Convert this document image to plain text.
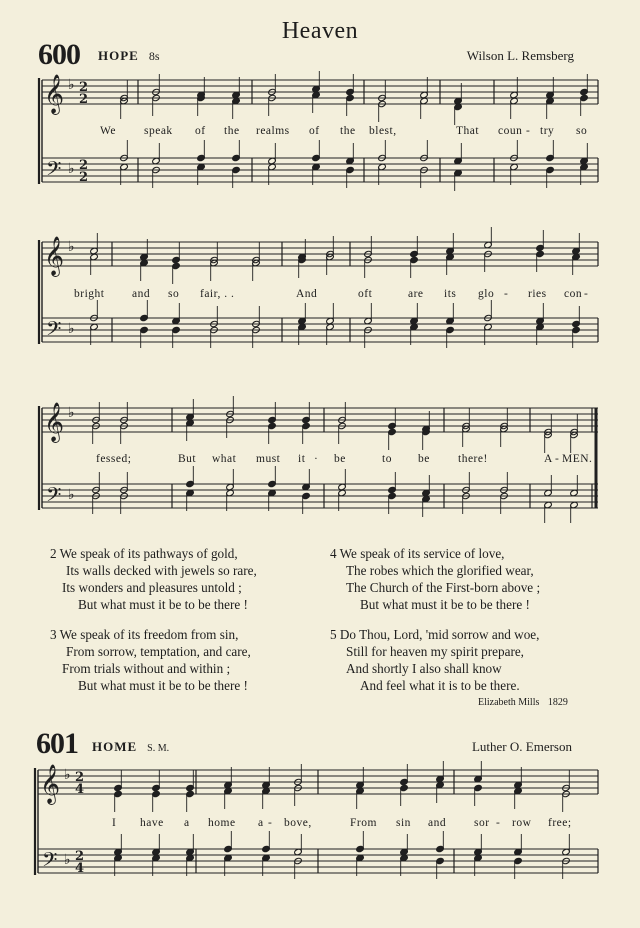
Heaven
600 HOPE 8s	Wilson L. Remsberg
𝄞
𝄢
♭
♭
2
2
2
2
𝄞
𝄢
♭
♭
𝄞
𝄢
♭
♭
𝄞
𝄢
♭
♭
2
4
2
4
We speak of the realms of the blest,	That coun - try so
bright and so fair, . .	And	oft	are its glo - ries con -
fessed;	But what must it · be	to be there!	A - MEN.
2 We speak of its pathways of gold,
Its walls decked with jewels so rare,
Its wonders and pleasures untold ;
But what must it be to be there !
3 We speak of its freedom from sin,
From sorrow, temptation, and care,
From trials without and within ;
But what must it be to be there !
4 We speak of its service of love,
The robes which the glorified wear,
The Church of the First-born above ;
But what must it be to be there !
5 Do Thou, Lord, 'mid sorrow and woe,
Still for heaven my spirit prepare,
And shortly I also shall know
And feel what it is to be there.
Elizabeth Mills 1829
601 HOME S. M.	Luther O. Emerson
I have a home a - bove,	From sin and sor - row free;
